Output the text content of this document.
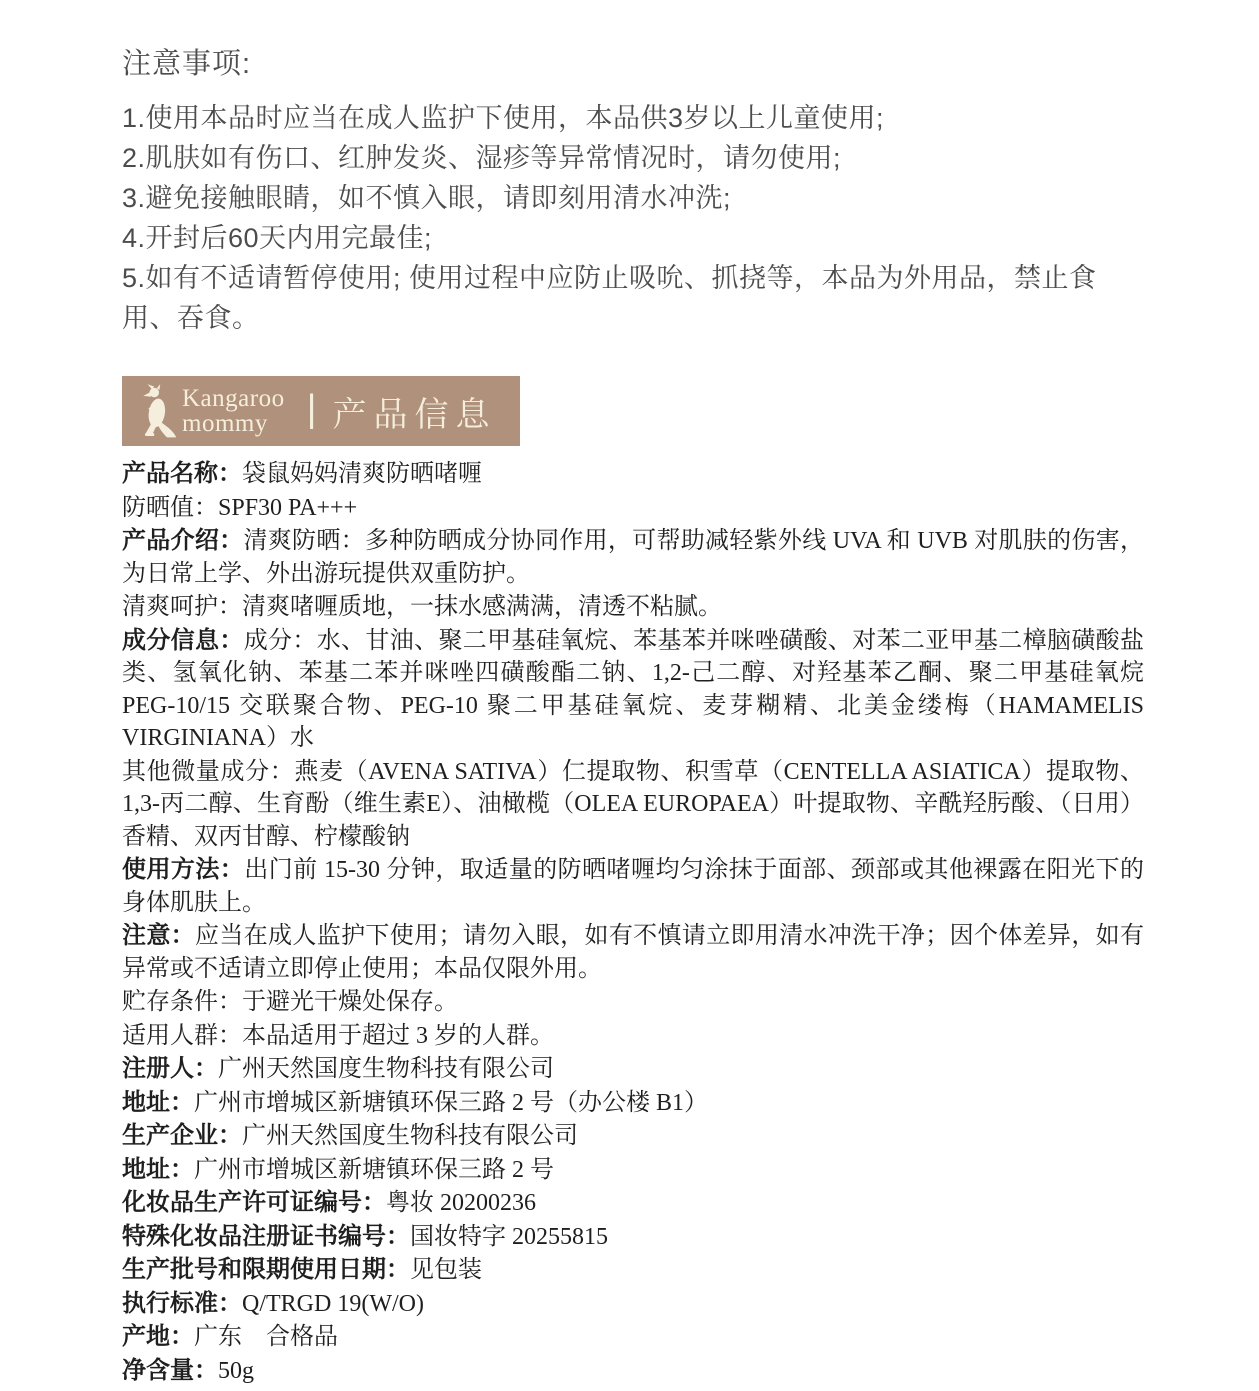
注意事项:

1.使用本品时应当在成人监护下使用，本品供3岁以上儿童使用;

2.肌肤如有伤口、红肿发炎、湿疹等异常情况时，请勿使用;

3.避免接触眼睛，如不慎入眼，请即刻用清水冲洗;

4.开封后60天内用完最佳;

5.如有不适请暂停使用; 使用过程中应防止吸吮、抓挠等，本品为外用品，禁止食用、吞食。

Kangaroo
mommy	| 产品信息

产品名称：袋鼠妈妈清爽防晒啫喱

防晒值：SPF30 PA+++

产品介绍：清爽防晒：多种防晒成分协同作用，可帮助减轻紫外线 UVA 和 UVB 对肌肤的伤害，为日常上学、外出游玩提供双重防护。

清爽呵护：清爽啫喱质地，一抹水感满满，清透不粘腻。

成分信息：成分：水、甘油、聚二甲基硅氧烷、苯基苯并咪唑磺酸、对苯二亚甲基二樟脑磺酸盐类、氢氧化钠、苯基二苯并咪唑四磺酸酯二钠、1,2-己二醇、对羟基苯乙酮、聚二甲基硅氧烷 PEG-10/15 交联聚合物、PEG-10 聚二甲基硅氧烷、麦芽糊精、北美金缕梅（HAMAMELIS VIRGINIANA）水

其他微量成分：燕麦（AVENA SATIVA）仁提取物、积雪草（CENTELLA ASIATICA）提取物、1,3-丙二醇、生育酚（维生素E）、油橄榄（OLEA EUROPAEA）叶提取物、辛酰羟肟酸、（日用）香精、双丙甘醇、柠檬酸钠

使用方法：出门前 15-30 分钟，取适量的防晒啫喱均匀涂抹于面部、颈部或其他裸露在阳光下的身体肌肤上。

注意：应当在成人监护下使用；请勿入眼，如有不慎请立即用清水冲洗干净；因个体差异，如有异常或不适请立即停止使用；本品仅限外用。

贮存条件：于避光干燥处保存。

适用人群：本品适用于超过 3 岁的人群。

注册人：广州天然国度生物科技有限公司

地址：广州市增城区新塘镇环保三路 2 号（办公楼 B1）

生产企业：广州天然国度生物科技有限公司

地址：广州市增城区新塘镇环保三路 2 号

化妆品生产许可证编号：粤妆 20200236

特殊化妆品注册证书编号：国妆特字 20255815

生产批号和限期使用日期：见包装

执行标准：Q/TRGD 19(W/O)

产地：广东　合格品

净含量：50g
